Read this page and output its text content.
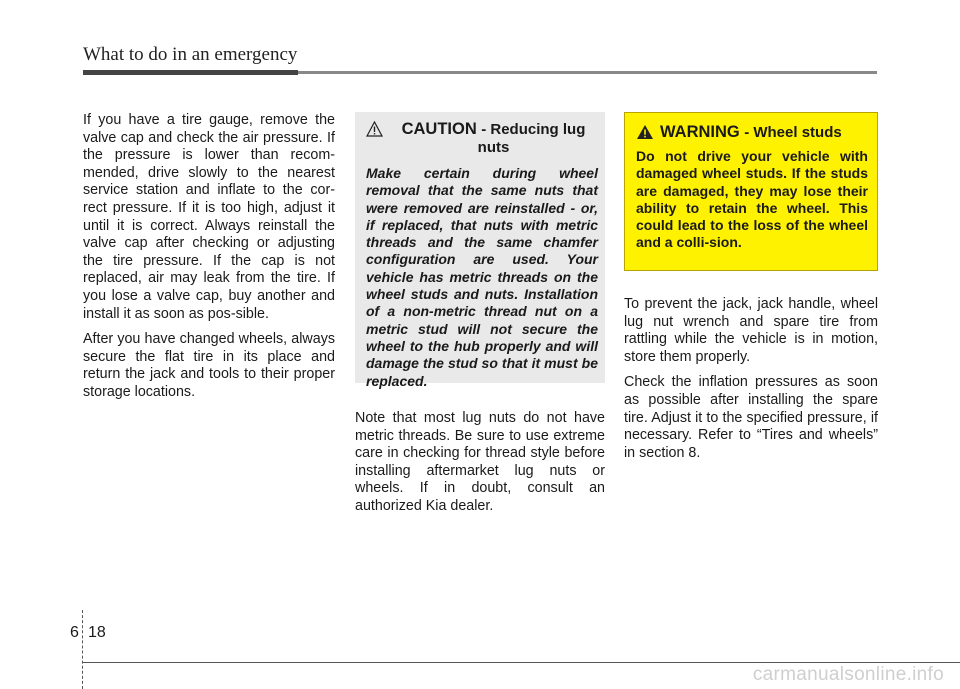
What to do in an emergency

If you have a tire gauge, remove the valve cap and check the air pressure. If the pressure is lower than recom-mended, drive slowly to the nearest service station and inflate to the cor-rect pressure. If it is too high, adjust it until it is correct. Always reinstall the valve cap after checking or adjusting the tire pressure. If the cap is not replaced, air may leak from the tire. If you lose a valve cap, buy another and install it as soon as pos-sible.

After you have changed wheels, always secure the flat tire in its place and return the jack and tools to their proper storage locations.

CAUTION - Reducing lug nuts
Make certain during wheel removal that the same nuts that were removed are reinstalled - or, if replaced, that nuts with metric threads and the same chamfer configuration are used. Your vehicle has metric threads on the wheel studs and nuts. Installation of a non-metric thread nut on a metric stud will not secure the wheel to the hub properly and will damage the stud so that it must be replaced.

Note that most lug nuts do not have metric threads. Be sure to use extreme care in checking for thread style before installing aftermarket lug nuts or wheels. If in doubt, consult an authorized Kia dealer.

WARNING - Wheel studs
Do not drive your vehicle with damaged wheel studs. If the studs are damaged, they may lose their ability to retain the wheel. This could lead to the loss of the wheel and a colli-sion.

To prevent the jack, jack handle, wheel lug nut wrench and spare tire from rattling while the vehicle is in motion, store them properly.

Check the inflation pressures as soon as possible after installing the spare tire. Adjust it to the specified pressure, if necessary. Refer to “Tires and wheels” in section 8.

6 18
carmanualsonline.info
